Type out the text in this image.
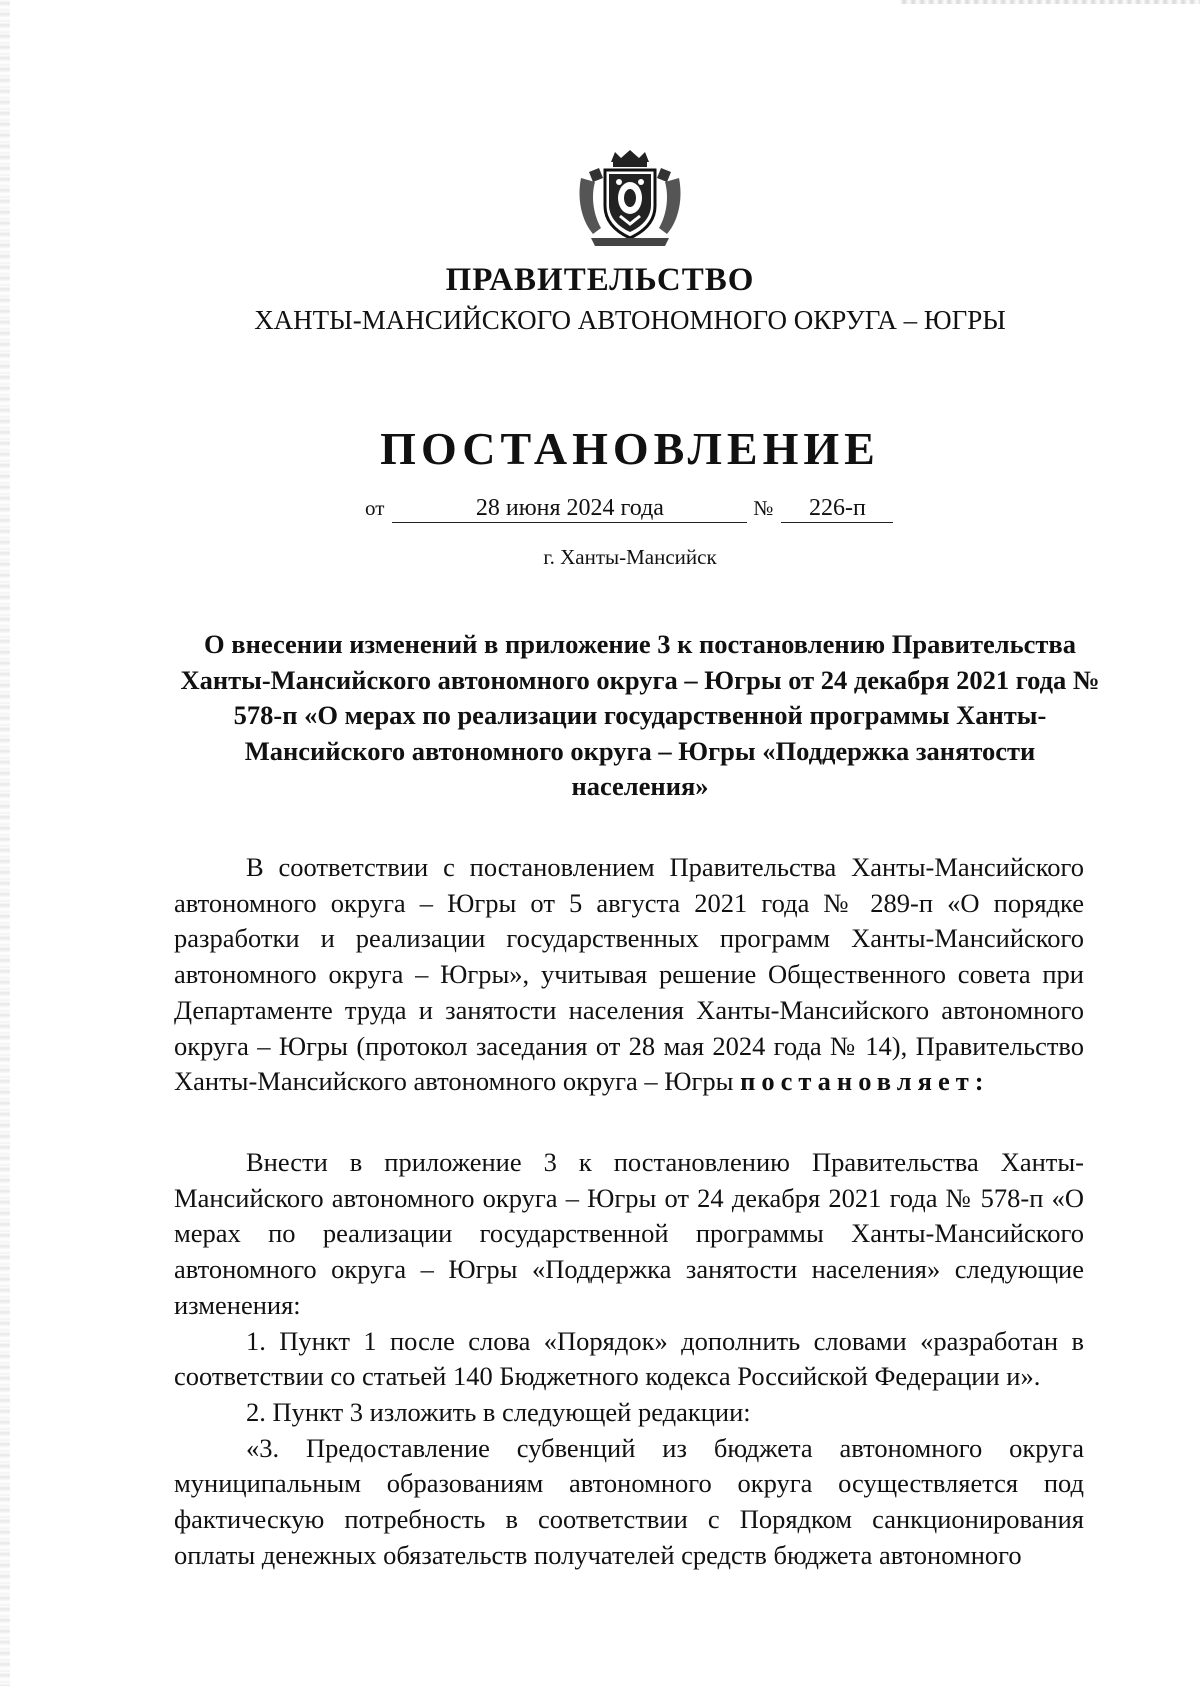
ПРАВИТЕЛЬСТВО
ХАНТЫ-МАНСИЙСКОГО АВТОНОМНОГО ОКРУГА – ЮГРЫ
ПОСТАНОВЛЕНИЕ
от	28 июня 2024 года	№ 226-п
г. Ханты-Мансийск
О внесении изменений в приложение 3 к постановлению Правительства Ханты-Мансийского автономного округа – Югры от 24 декабря 2021 года № 578-п «О мерах по реализации государственной программы Ханты-Мансийского автономного округа – Югры «Поддержка занятости населения»

В соответствии с постановлением Правительства Ханты-Мансийского автономного округа – Югры от 5 августа 2021 года № 289-п «О порядке разработки и реализации государственных программ Ханты-Мансийского автономного округа – Югры», учитывая решение Общественного совета при Департаменте труда и занятости населения Ханты-Мансийского автономного округа – Югры (протокол заседания от 28 мая 2024 года № 14), Правительство Ханты-Мансийского автономного округа – Югры постановляет:

Внести в приложение 3 к постановлению Правительства Ханты-Мансийского автономного округа – Югры от 24 декабря 2021 года № 578-п «О мерах по реализации государственной программы Ханты-Мансийского автономного округа – Югры «Поддержка занятости населения» следующие изменения:

1. Пункт 1 после слова «Порядок» дополнить словами «разработан в соответствии со статьей 140 Бюджетного кодекса Российской Федерации и».

2. Пункт 3 изложить в следующей редакции:

«3. Предоставление субвенций из бюджета автономного округа муниципальным образованиям автономного округа осуществляется под фактическую потребность в соответствии с Порядком санкционирования оплаты денежных обязательств получателей средств бюджета автономного
